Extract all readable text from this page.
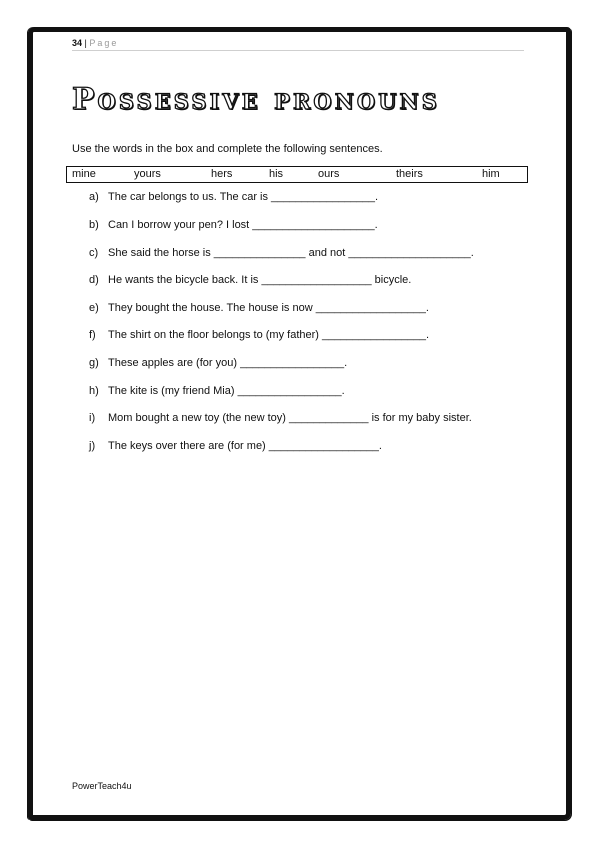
34 | Page
Possessive pronouns
Use the words in the box and complete the following sentences.
mine	yours	hers	his	ours	theirs	him
a) The car belongs to us. The car is _________________.
b) Can I borrow your pen? I lost ____________________.
c) She said the horse is _______________ and not ____________________.
d) He wants the bicycle back. It is __________________ bicycle.
e) They bought the house. The house is now __________________.
f) The shirt on the floor belongs to (my father) _________________.
g) These apples are (for you) _________________.
h) The kite is (my friend Mia) _________________.
i) Mom bought a new toy (the new toy) _____________ is for my baby sister.
j) The keys over there are (for me) __________________.
PowerTeach4u
